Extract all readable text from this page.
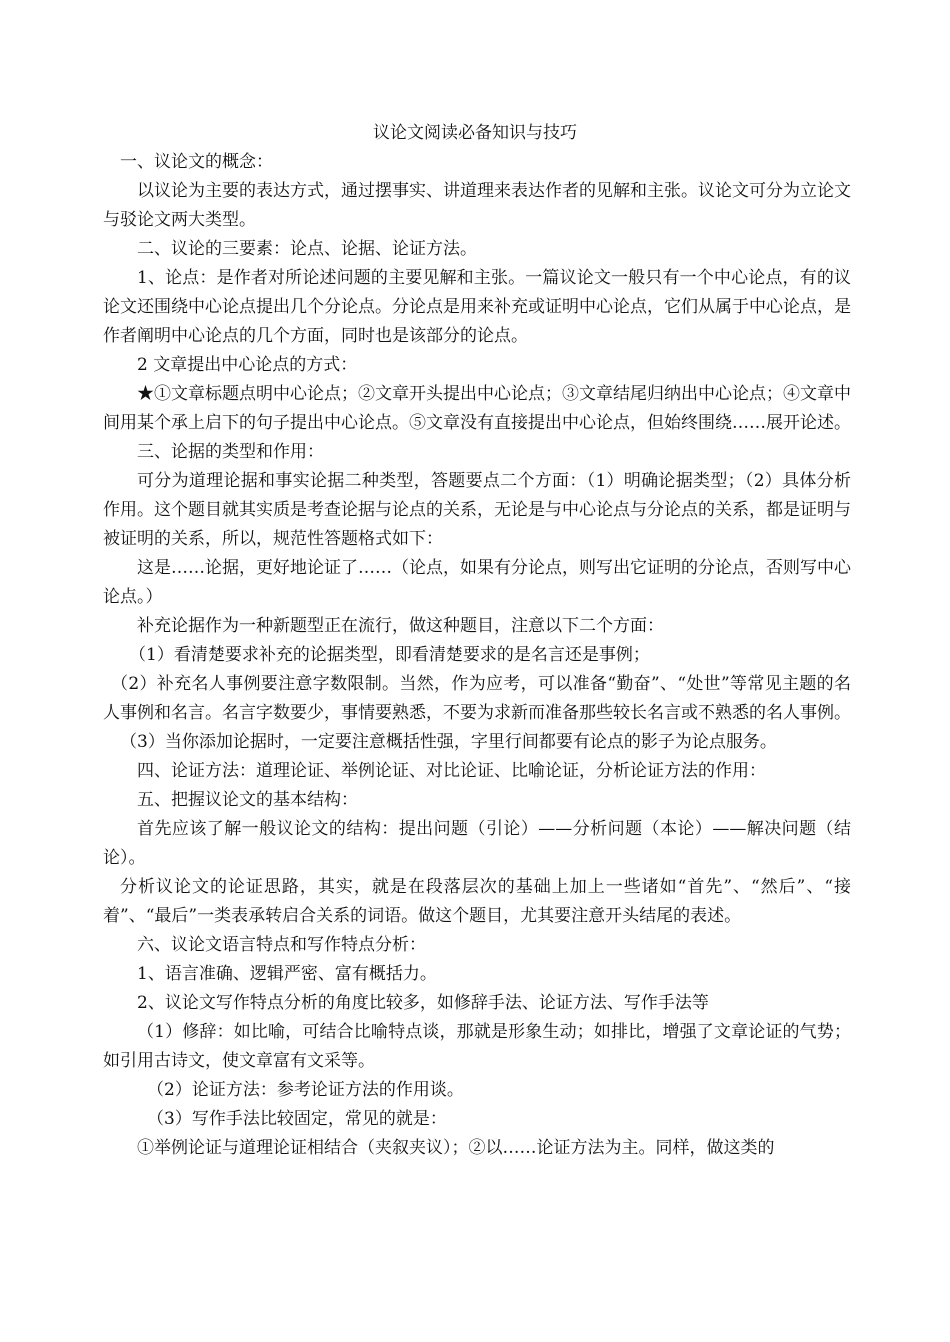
议论文阅读必备知识与技巧

一、议论文的概念：

以议论为主要的表达方式，通过摆事实、讲道理来表达作者的见解和主张。议论文可分为立论文与驳论文两大类型。

二、议论的三要素：论点、论据、论证方法。

1、论点：是作者对所论述问题的主要见解和主张。一篇议论文一般只有一个中心论点，有的议论文还围绕中心论点提出几个分论点。分论点是用来补充或证明中心论点，它们从属于中心论点，是作者阐明中心论点的几个方面，同时也是该部分的论点。

2 文章提出中心论点的方式：

★①文章标题点明中心论点；②文章开头提出中心论点；③文章结尾归纳出中心论点；④文章中间用某个承上启下的句子提出中心论点。⑤文章没有直接提出中心论点，但始终围绕……展开论述。

三、论据的类型和作用：

可分为道理论据和事实论据二种类型，答题要点二个方面：（1）明确论据类型；（2）具体分析作用。这个题目就其实质是考查论据与论点的关系，无论是与中心论点与分论点的关系，都是证明与被证明的关系，所以，规范性答题格式如下：

这是……论据，更好地论证了……（论点，如果有分论点，则写出它证明的分论点，否则写中心论点。）

补充论据作为一种新题型正在流行，做这种题目，注意以下二个方面：

（1）看清楚要求补充的论据类型，即看清楚要求的是名言还是事例；

（2）补充名人事例要注意字数限制。当然，作为应考，可以准备“勤奋”、“处世”等常见主题的名人事例和名言。名言字数要少，事情要熟悉，不要为求新而准备那些较长名言或不熟悉的名人事例。

（3）当你添加论据时，一定要注意概括性强，字里行间都要有论点的影子为论点服务。

四、论证方法：道理论证、举例论证、对比论证、比喻论证，分析论证方法的作用：

五、把握议论文的基本结构：

首先应该了解一般议论文的结构：提出问题（引论）——分析问题（本论）——解决问题（结论）。

分析议论文的论证思路，其实，就是在段落层次的基础上加上一些诸如“首先”、“然后”、“接着”、“最后”一类表承转启合关系的词语。做这个题目，尤其要注意开头结尾的表述。

六、议论文语言特点和写作特点分析：

1、语言准确、逻辑严密、富有概括力。

2、议论文写作特点分析的角度比较多，如修辞手法、论证方法、写作手法等

（1）修辞：如比喻，可结合比喻特点谈，那就是形象生动；如排比，增强了文章论证的气势；如引用古诗文，使文章富有文采等。

（2）论证方法：参考论证方法的作用谈。

（3）写作手法比较固定，常见的就是：

①举例论证与道理论证相结合（夹叙夹议）；②以……论证方法为主。同样，做这类的
